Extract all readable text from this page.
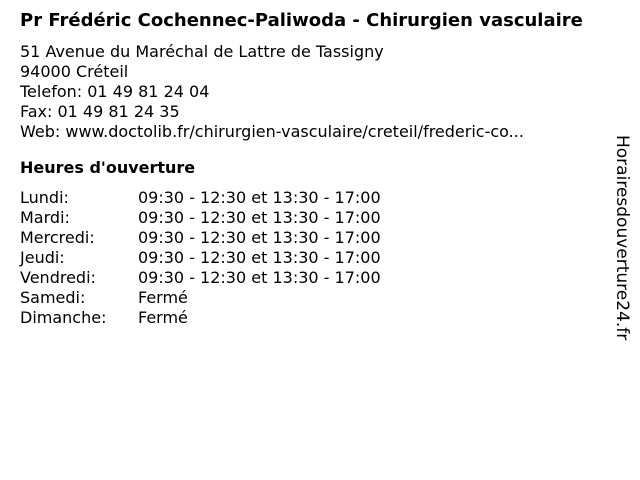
Pr Frédéric Cochennec-Paliwoda - Chirurgien vasculaire
51 Avenue du Maréchal de Lattre de Tassigny
94000 Créteil
Telefon: 01 49 81 24 04
Fax: 01 49 81 24 35
Web: www.doctolib.fr/chirurgien-vasculaire/creteil/frederic-co...
Heures d'ouverture
Lundi:	09:30 - 12:30 et 13:30 - 17:00
Mardi:	09:30 - 12:30 et 13:30 - 17:00
Mercredi:	09:30 - 12:30 et 13:30 - 17:00
Jeudi:	09:30 - 12:30 et 13:30 - 17:00
Vendredi:	09:30 - 12:30 et 13:30 - 17:00
Samedi:	Fermé
Dimanche:	Fermé	Horairesdouverture24.fr
